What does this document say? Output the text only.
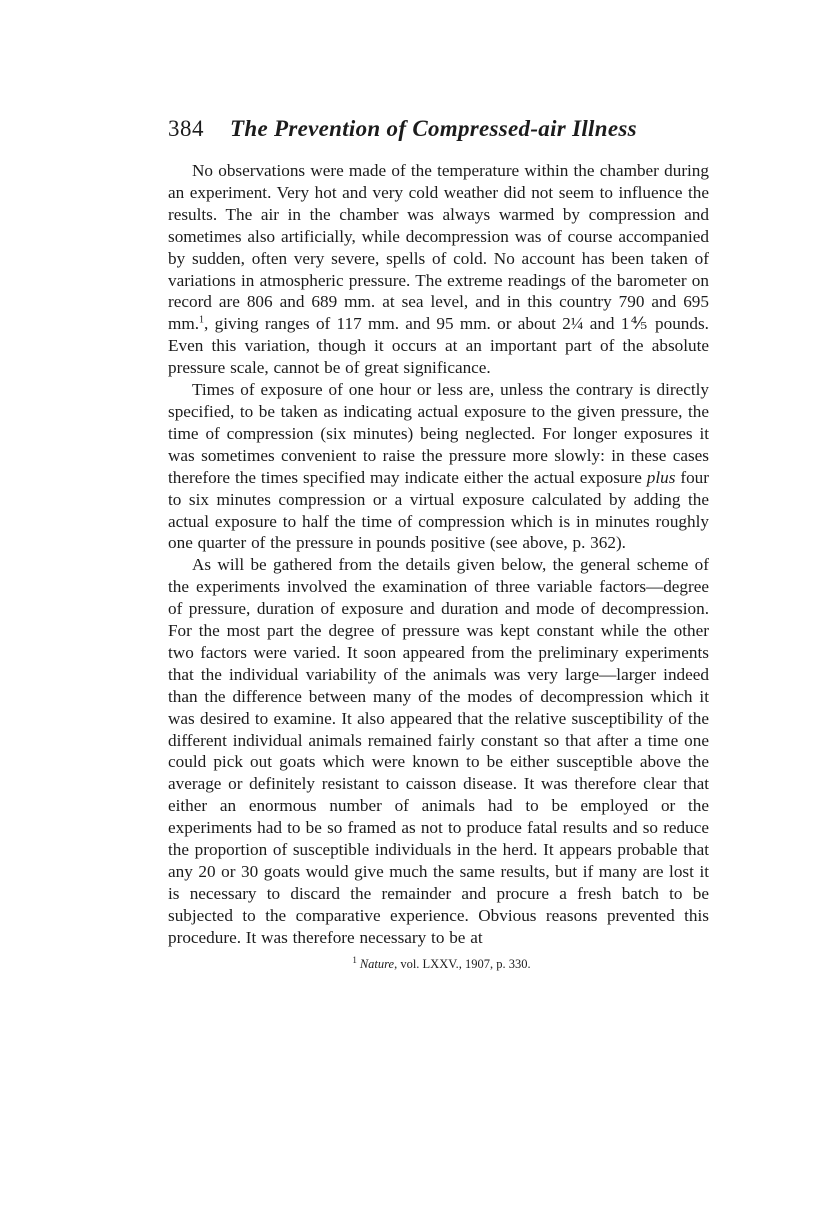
384 The Prevention of Compressed-air Illness

No observations were made of the temperature within the chamber during an experiment. Very hot and very cold weather did not seem to influence the results. The air in the chamber was always warmed by compression and sometimes also artificially, while decompression was of course accompanied by sudden, often very severe, spells of cold. No account has been taken of variations in atmospheric pressure. The extreme readings of the barometer on record are 806 and 689 mm. at sea level, and in this country 790 and 695 mm.$^1$, giving ranges of 117 mm. and 95 mm. or about 2¼ and 1⅘ pounds. Even this variation, though it occurs at an important part of the absolute pressure scale, cannot be of great significance.

Times of exposure of one hour or less are, unless the contrary is directly specified, to be taken as indicating actual exposure to the given pressure, the time of compression (six minutes) being neglected. For longer exposures it was sometimes convenient to raise the pressure more slowly: in these cases therefore the times specified may indicate either the actual exposure plus four to six minutes compression or a virtual exposure calculated by adding the actual exposure to half the time of compression which is in minutes roughly one quarter of the pressure in pounds positive (see above, p. 362).

As will be gathered from the details given below, the general scheme of the experiments involved the examination of three variable factors—degree of pressure, duration of exposure and duration and mode of decompression. For the most part the degree of pressure was kept constant while the other two factors were varied. It soon appeared from the preliminary experiments that the individual variability of the animals was very large—larger indeed than the difference between many of the modes of decompression which it was desired to examine. It also appeared that the relative susceptibility of the different individual animals remained fairly constant so that after a time one could pick out goats which were known to be either susceptible above the average or definitely resistant to caisson disease. It was therefore clear that either an enormous number of animals had to be employed or the experiments had to be so framed as not to produce fatal results and so reduce the proportion of susceptible individuals in the herd. It appears probable that any 20 or 30 goats would give much the same results, but if many are lost it is necessary to discard the remainder and procure a fresh batch to be subjected to the comparative experience. Obvious reasons prevented this procedure. It was therefore necessary to be at

$^1$ Nature, vol. LXXV., 1907, p. 330.
